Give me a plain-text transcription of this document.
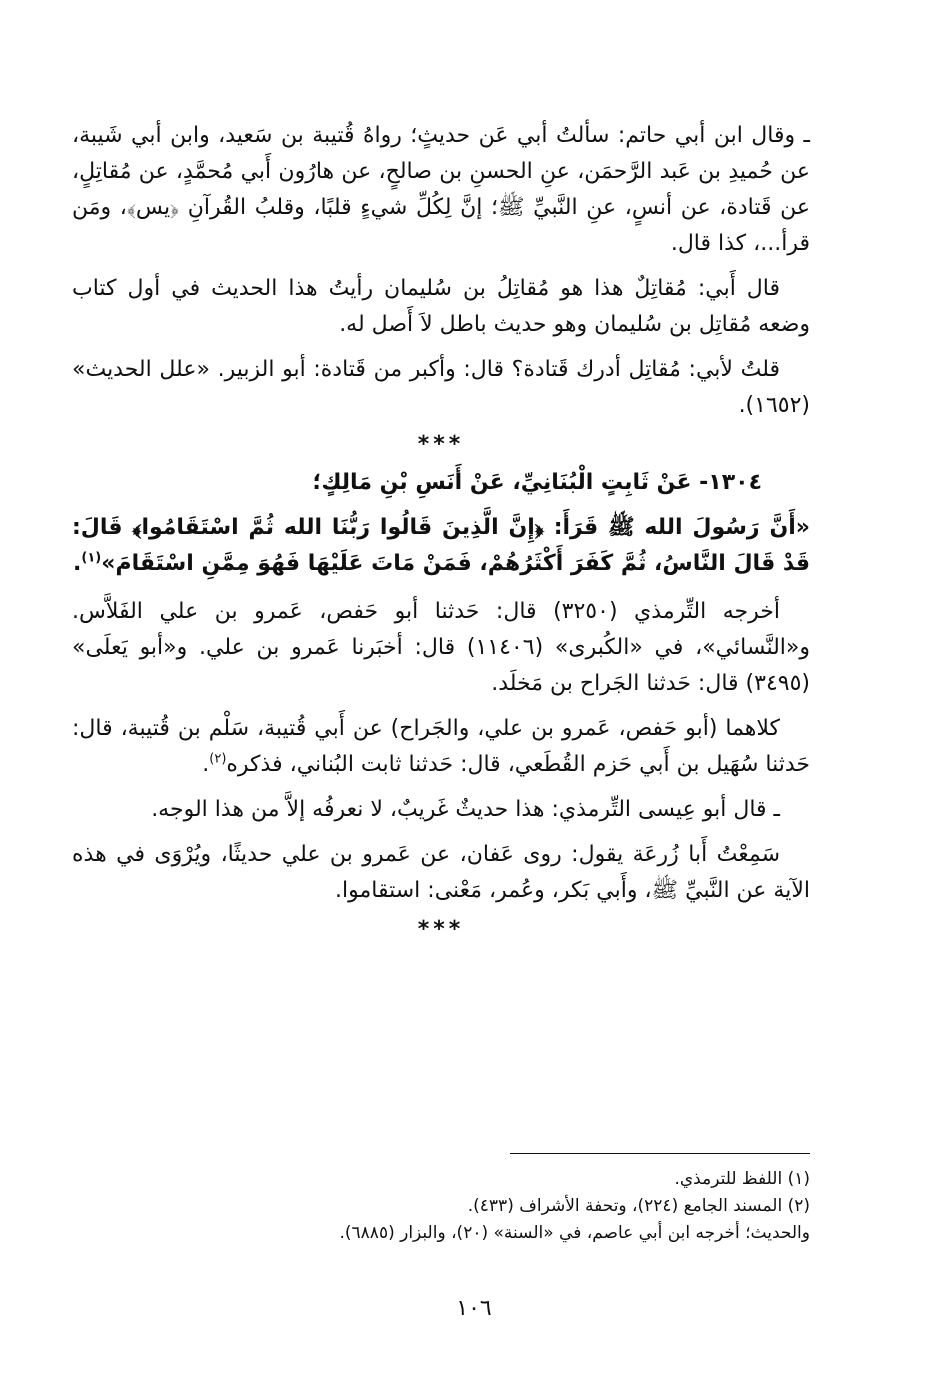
ـ وقال ابن أبي حاتم: سألتُ أبي عَن حديثٍ؛ رواهُ قُتيبة بن سَعيد، وابن أبي شَيبة، عن حُميدِ بن عَبد الرَّحمَن، عنِ الحسنِ بن صالحٍ، عن هارُون أَبي مُحمَّدٍ، عن مُقاتِلٍ، عن قَتادة، عن أنسٍ، عنِ النَّبيِّ ﷺ؛ إنَّ لِكُلِّ شيءٍ قلبًا، وقلبُ القُرآنِ ﴿يس﴾، ومَن قرأ...، كذا قال.

قال أَبي: مُقاتِلٌ هذا هو مُقاتِلُ بن سُليمان رأيتُ هذا الحديث في أول كتاب وضعه مُقاتِل بن سُليمان وهو حديث باطل لاَ أَصل له.

قلتُ لأبي: مُقاتِل أدرك قَتادة؟ قال: وأكبر من قَتادة: أبو الزبير. «علل الحديث» (١٦٥٢).

***

١٣٠٤- عَنْ ثَابِتٍ الْبُنَانِيِّ، عَنْ أَنَسِ بْنِ مَالِكٍ؛

«أَنَّ رَسُولَ الله ﷺ قَرَأَ: ﴿إِنَّ الَّذِينَ قَالُوا رَبُّنَا الله ثُمَّ اسْتَقَامُوا﴾ قَالَ: قَدْ قَالَ النَّاسُ، ثُمَّ كَفَرَ أَكْثَرُهُمْ، فَمَنْ مَاتَ عَلَيْهَا فَهُوَ مِمَّنِ اسْتَقَامَ»$^{(١)}$.

أخرجه التِّرمذي (٣٢٥٠) قال: حَدثنا أبو حَفص، عَمرو بن علي الفَلاَّس. و«النَّسائي»، في «الكُبرى» (١١٤٠٦) قال: أخبَرنا عَمرو بن علي. و«أبو يَعلَى» (٣٤٩٥) قال: حَدثنا الجَراح بن مَخلَد.

كلاهما (أبو حَفص، عَمرو بن علي، والجَراح) عن أَبي قُتيبة، سَلْم بن قُتيبة، قال: حَدثنا سُهَيل بن أَبي حَزم القُطَعي، قال: حَدثنا ثابت البُناني، فذكره$^{(٢)}$.

ـ قال أبو عِيسى التِّرمذي: هذا حديثٌ غَريبٌ، لا نعرفُه إلاَّ من هذا الوجه.

سَمِعْتُ أَبا زُرعَة يقول: روى عَفان، عن عَمرو بن علي حديثًا، ويُرْوَى في هذه الآية عن النَّبيِّ ﷺ، وأَبي بَكر، وعُمر، مَعْنى: استقاموا.

***

(١) اللفظ للترمذي.

(٢) المسند الجامع (٢٢٤)، وتحفة الأشراف (٤٣٣).

والحديث؛ أخرجه ابن أبي عاصم، في «السنة» (٢٠)، والبزار (٦٨٨٥).

١٠٦
